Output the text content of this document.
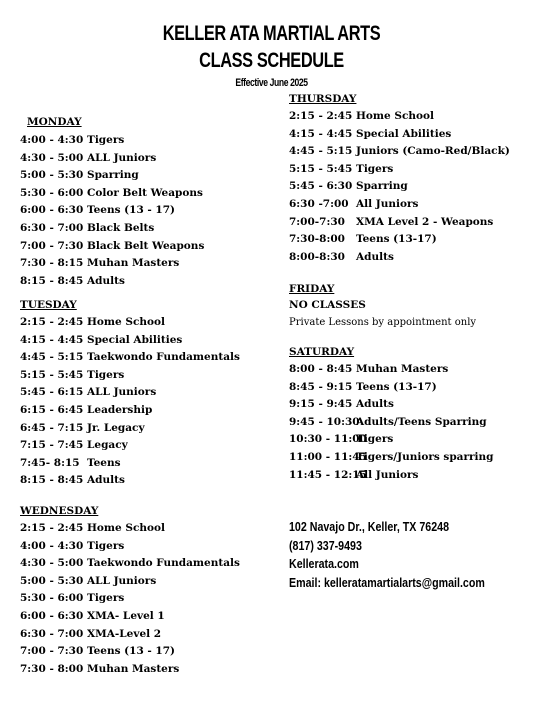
KELLER ATA MARTIAL ARTS
CLASS SCHEDULE
Effective June 2025
MONDAY
4:00 - 4:30 Tigers
4:30 - 5:00 ALL Juniors
5:00 - 5:30 Sparring
5:30 - 6:00 Color Belt Weapons
6:00 - 6:30 Teens (13 - 17)
6:30 - 7:00 Black Belts
7:00 - 7:30 Black Belt Weapons
7:30 - 8:15 Muhan Masters
8:15 - 8:45 Adults
TUESDAY
2:15 - 2:45 Home School
4:15 - 4:45 Special Abilities
4:45 - 5:15 Taekwondo Fundamentals
5:15 - 5:45 Tigers
5:45 - 6:15 ALL Juniors
6:15 - 6:45 Leadership
6:45 - 7:15 Jr. Legacy
7:15 - 7:45 Legacy
7:45- 8:15 Teens
8:15 - 8:45 Adults
WEDNESDAY
2:15 - 2:45 Home School
4:00 - 4:30 Tigers
4:30 - 5:00 Taekwondo Fundamentals
5:00 - 5:30 ALL Juniors
5:30 - 6:00 Tigers
6:00 - 6:30 XMA- Level 1
6:30 - 7:00 XMA-Level 2
7:00 - 7:30 Teens (13 - 17)
7:30 - 8:00 Muhan Masters
THURSDAY
2:15 - 2:45 Home School
4:15 - 4:45 Special Abilities
4:45 - 5:15 Juniors (Camo-Red/Black)
5:15 - 5:45 Tigers
5:45 - 6:30 Sparring
6:30 -7:00 All Juniors
7:00-7:30 XMA Level 2 - Weapons
7:30-8:00 Teens (13-17)
8:00-8:30 Adults
FRIDAY
NO CLASSES
Private Lessons by appointment only
SATURDAY
8:00 - 8:45 Muhan Masters
8:45 - 9:15 Teens (13-17)
9:15 - 9:45 Adults
9:45 - 10:30
Adults/Teens Sparring
10:30 - 11:00
Tigers
11:00 - 11:45
Tigers/Juniors sparring
11:45 - 12:15
All Juniors
102 Navajo Dr., Keller, TX 76248
(817) 337-9493
Kellerata.com
Email: kelleratamartialarts@gmail.com
